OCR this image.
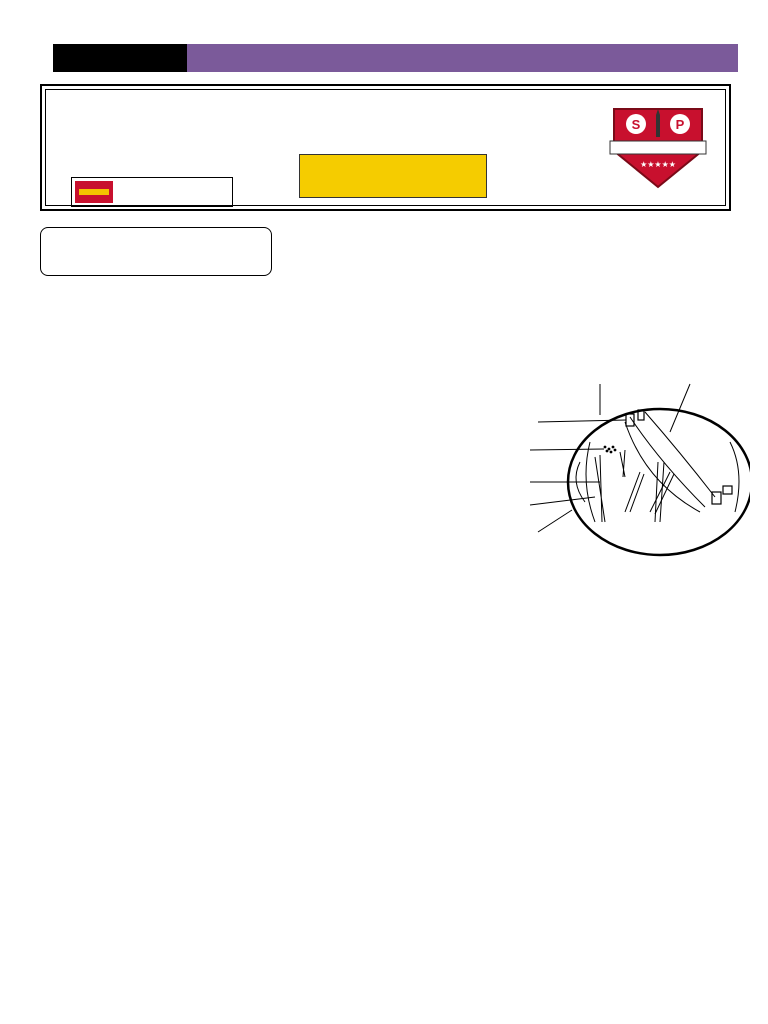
S	P
★★★★★
